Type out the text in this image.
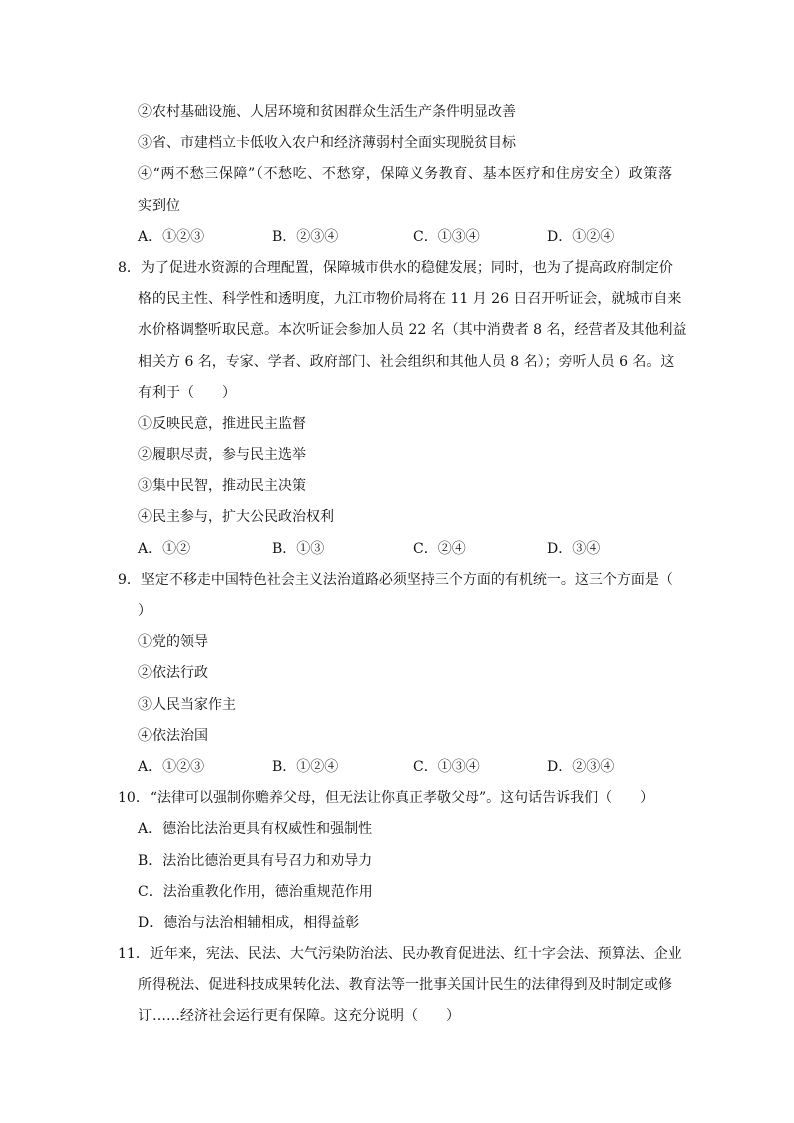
②农村基础设施、人居环境和贫困群众生活生产条件明显改善
③省、市建档立卡低收入农户和经济薄弱村全面实现脱贫目标
④“两不愁三保障”（不愁吃、不愁穿，保障义务教育、基本医疗和住房安全）政策落
实到位
A．①②③	B．②③④	C．①③④	D．①②④
8．为了促进水资源的合理配置，保障城市供水的稳健发展；同时，也为了提高政府制定价
格的民主性、科学性和透明度，九江市物价局将在 11 月 26 日召开听证会，就城市自来
水价格调整听取民意。本次听证会参加人员 22 名（其中消费者 8 名，经营者及其他利益
相关方 6 名，专家、学者、政府部门、社会组织和其他人员 8 名）；旁听人员 6 名。这
有利于（　　）
①反映民意，推进民主监督
②履职尽责，参与民主选举
③集中民智，推动民主决策
④民主参与，扩大公民政治权利
A．①②	B．①③	C．②④	D．③④
9．坚定不移走中国特色社会主义法治道路必须坚持三个方面的有机统一。这三个方面是（
）
①党的领导
②依法行政
③人民当家作主
④依法治国
A．①②③	B．①②④	C．①③④	D．②③④
10．“法律可以强制你赡养父母，但无法让你真正孝敬父母”。这句话告诉我们（　　）
A．德治比法治更具有权威性和强制性
B．法治比德治更具有号召力和劝导力
C．法治重教化作用，德治重规范作用
D．德治与法治相辅相成，相得益彰
11．近年来，宪法、民法、大气污染防治法、民办教育促进法、红十字会法、预算法、企业
所得税法、促进科技成果转化法、教育法等一批事关国计民生的法律得到及时制定或修
订……经济社会运行更有保障。这充分说明（　　）
